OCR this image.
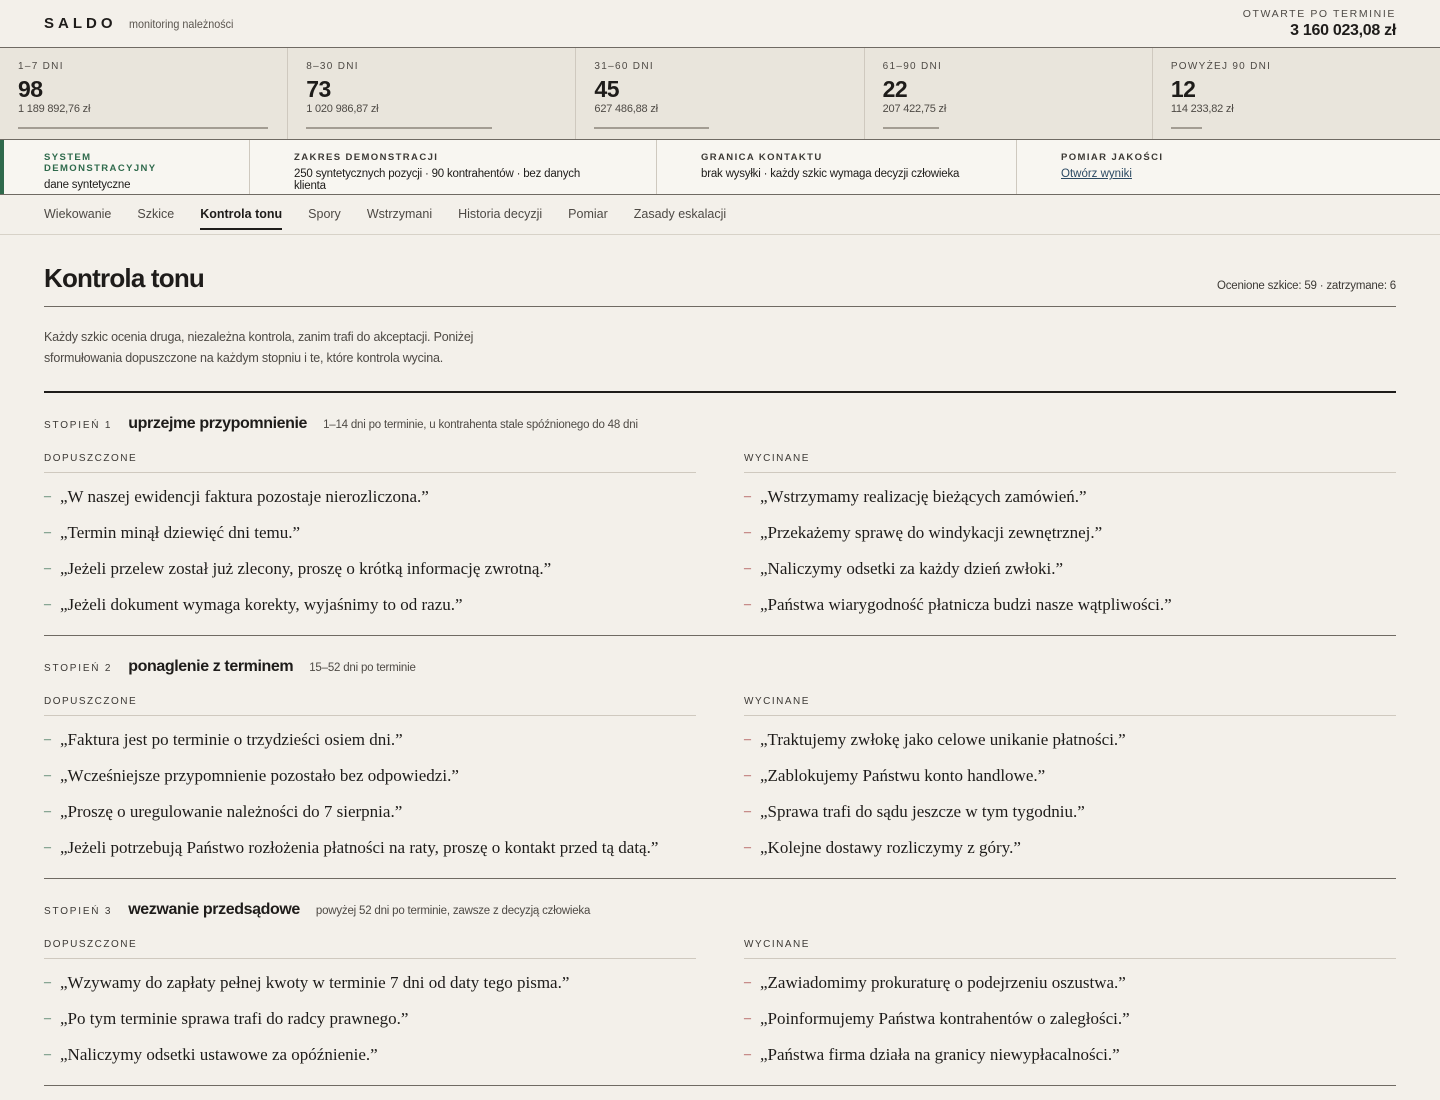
SALDO monitoring należności
OTWARTE PO TERMINIE
3 160 023,08 zł
1–7 DNI
98
1 189 892,76 zł
8–30 DNI
73
1 020 986,87 zł
31–60 DNI
45
627 486,88 zł
61–90 DNI
22
207 422,75 zł
POWYŻEJ 90 DNI
12
114 233,82 zł
SYSTEM DEMONSTRACYJNY
dane syntetyczne
ZAKRES DEMONSTRACJI
250 syntetycznych pozycji · 90 kontrahentów · bez danych klienta
GRANICA KONTAKTU
brak wysyłki · każdy szkic wymaga decyzji człowieka
POMIAR JAKOŚCI
Otwórz wyniki
Wiekowanie Szkice Kontrola tonu Spory Wstrzymani Historia decyzji Pomiar Zasady eskalacji
Kontrola tonu	Ocenione szkice: 59 · zatrzymane: 6

Każdy szkic ocenia druga, niezależna kontrola, zanim trafi do akceptacji. Poniżej sformułowania dopuszczone na każdym stopniu i te, które kontrola wycina.

STOPIEŃ 1 uprzejme przypomnienie 1–14 dni po terminie, u kontrahenta stale spóźnionego do 48 dni
DOPUSZCZONE
– „W naszej ewidencji faktura pozostaje nierozliczona.”
– „Termin minął dziewięć dni temu.”
– „Jeżeli przelew został już zlecony, proszę o krótką informację zwrotną.”
– „Jeżeli dokument wymaga korekty, wyjaśnimy to od razu.”
WYCINANE
– „Wstrzymamy realizację bieżących zamówień.”
– „Przekażemy sprawę do windykacji zewnętrznej.”
– „Naliczymy odsetki za każdy dzień zwłoki.”
– „Państwa wiarygodność płatnicza budzi nasze wątpliwości.”
STOPIEŃ 2 ponaglenie z terminem 15–52 dni po terminie
DOPUSZCZONE
– „Faktura jest po terminie o trzydzieści osiem dni.”
– „Wcześniejsze przypomnienie pozostało bez odpowiedzi.”
– „Proszę o uregulowanie należności do 7 sierpnia.”
– „Jeżeli potrzebują Państwo rozłożenia płatności na raty, proszę o kontakt przed tą datą.”
WYCINANE
– „Traktujemy zwłokę jako celowe unikanie płatności.”
– „Zablokujemy Państwu konto handlowe.”
– „Sprawa trafi do sądu jeszcze w tym tygodniu.”
– „Kolejne dostawy rozliczymy z góry.”
STOPIEŃ 3 wezwanie przedsądowe powyżej 52 dni po terminie, zawsze z decyzją człowieka
DOPUSZCZONE
– „Wzywamy do zapłaty pełnej kwoty w terminie 7 dni od daty tego pisma.”
– „Po tym terminie sprawa trafi do radcy prawnego.”
– „Naliczymy odsetki ustawowe za opóźnienie.”
WYCINANE
– „Zawiadomimy prokuraturę o podejrzeniu oszustwa.”
– „Poinformujemy Państwa kontrahentów o zaległości.”
– „Państwa firma działa na granicy niewypłacalności.”
